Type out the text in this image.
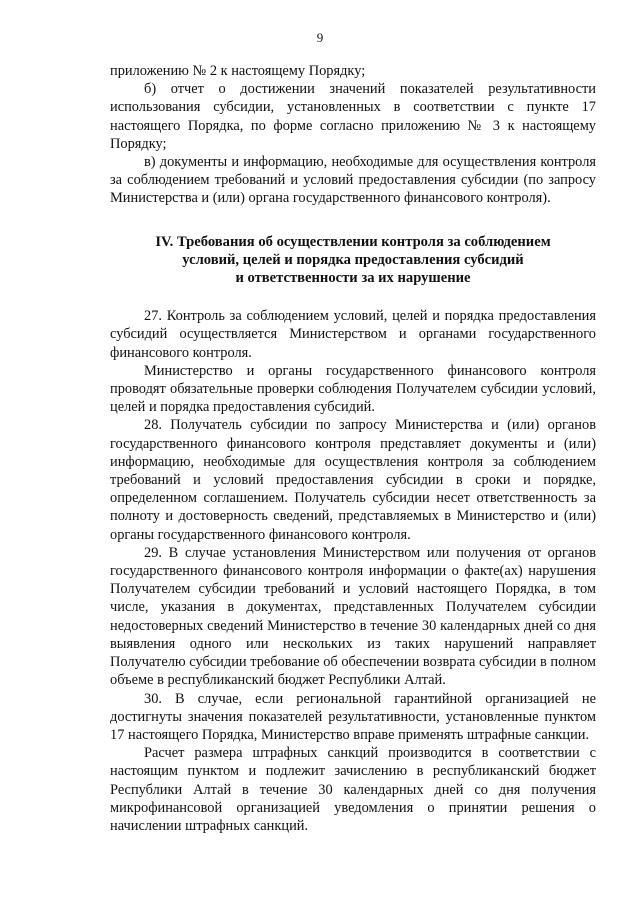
9

приложению № 2 к настоящему Порядку;

б) отчет о достижении значений показателей результативности использования субсидии, установленных в соответствии с пункте 17 настоящего Порядка, по форме согласно приложению № 3 к настоящему Порядку;

в) документы и информацию, необходимые для осуществления контроля за соблюдением требований и условий предоставления субсидии (по запросу Министерства и (или) органа государственного финансового контроля).

IV. Требования об осуществлении контроля за соблюдением
условий, целей и порядка предоставления субсидий
и ответственности за их нарушение

27. Контроль за соблюдением условий, целей и порядка предоставления субсидий осуществляется Министерством и органами государственного финансового контроля.

Министерство и органы государственного финансового контроля проводят обязательные проверки соблюдения Получателем субсидии условий, целей и порядка предоставления субсидий.

28. Получатель субсидии по запросу Министерства и (или) органов государственного финансового контроля представляет документы и (или) информацию, необходимые для осуществления контроля за соблюдением требований и условий предоставления субсидии в сроки и порядке, определенном соглашением. Получатель субсидии несет ответственность за полноту и достоверность сведений, представляемых в Министерство и (или) органы государственного финансового контроля.

29. В случае установления Министерством или получения от органов государственного финансового контроля информации о факте(ах) нарушения Получателем субсидии требований и условий настоящего Порядка, в том числе, указания в документах, представленных Получателем субсидии недостоверных сведений Министерство в течение 30 календарных дней со дня выявления одного или нескольких из таких нарушений направляет Получателю субсидии требование об обеспечении возврата субсидии в полном объеме в республиканский бюджет Республики Алтай.

30. В случае, если региональной гарантийной организацией не достигнуты значения показателей результативности, установленные пунктом 17 настоящего Порядка, Министерство вправе применять штрафные санкции.

Расчет размера штрафных санкций производится в соответствии с настоящим пунктом и подлежит зачислению в республиканский бюджет Республики Алтай в течение 30 календарных дней со дня получения микрофинансовой организацией уведомления о принятии решения о начислении штрафных санкций.
